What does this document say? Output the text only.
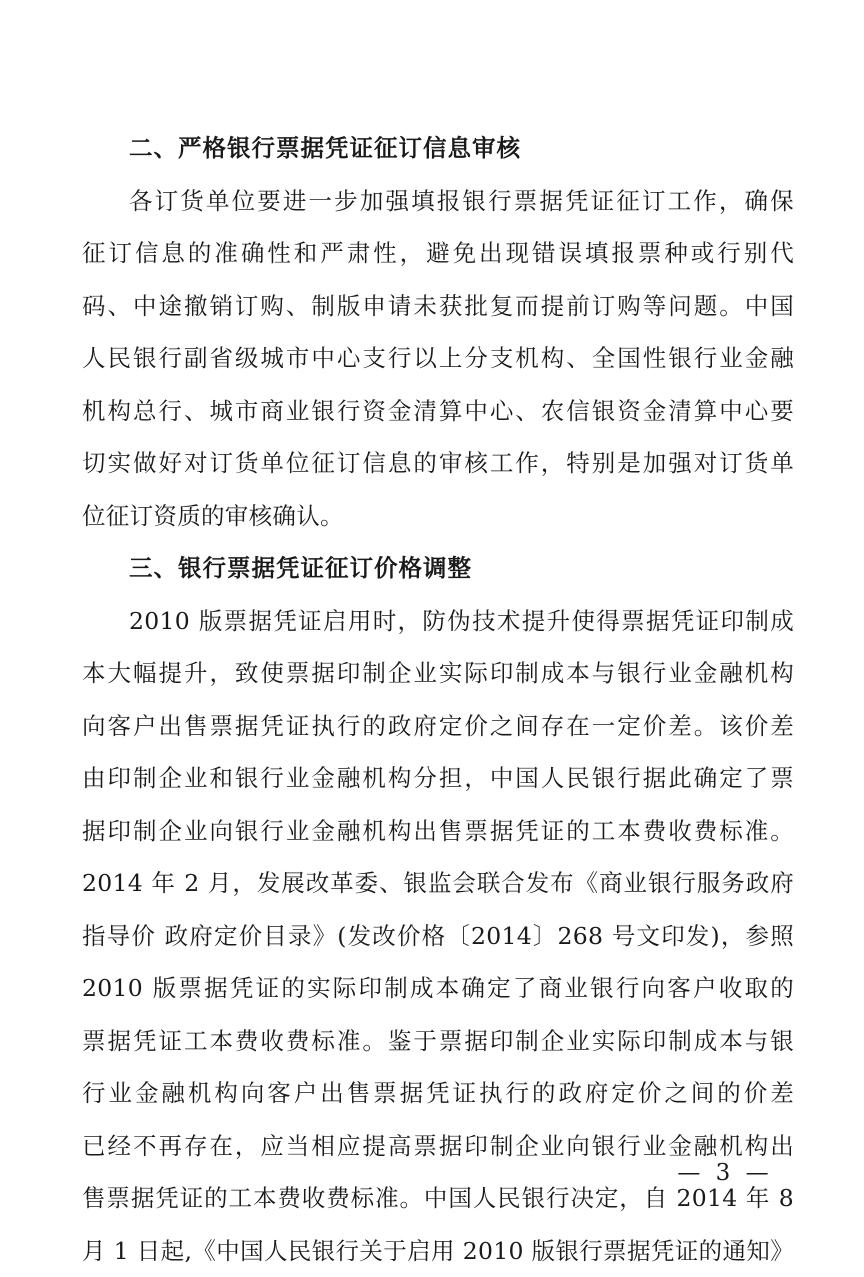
二、严格银行票据凭证征订信息审核
各订货单位要进一步加强填报银行票据凭证征订工作，确保
征订信息的准确性和严肃性，避免出现错误填报票种或行别代
码、中途撤销订购、制版申请未获批复而提前订购等问题。中国
人民银行副省级城市中心支行以上分支机构、全国性银行业金融
机构总行、城市商业银行资金清算中心、农信银资金清算中心要
切实做好对订货单位征订信息的审核工作，特别是加强对订货单
位征订资质的审核确认。
三、银行票据凭证征订价格调整
2010 版票据凭证启用时，防伪技术提升使得票据凭证印制成
本大幅提升，致使票据印制企业实际印制成本与银行业金融机构
向客户出售票据凭证执行的政府定价之间存在一定价差。该价差
由印制企业和银行业金融机构分担，中国人民银行据此确定了票
据印制企业向银行业金融机构出售票据凭证的工本费收费标准。
2014 年 2 月，发展改革委、银监会联合发布《商业银行服务政府
指导价 政府定价目录》(发改价格〔2014〕268 号文印发)，参照
2010 版票据凭证的实际印制成本确定了商业银行向客户收取的
票据凭证工本费收费标准。鉴于票据印制企业实际印制成本与银
行业金融机构向客户出售票据凭证执行的政府定价之间的价差
已经不再存在，应当相应提高票据印制企业向银行业金融机构出
售票据凭证的工本费收费标准。中国人民银行决定，自 2014 年 8
月 1 日起,《中国人民银行关于启用 2010 版银行票据凭证的通知》
— 3 —
